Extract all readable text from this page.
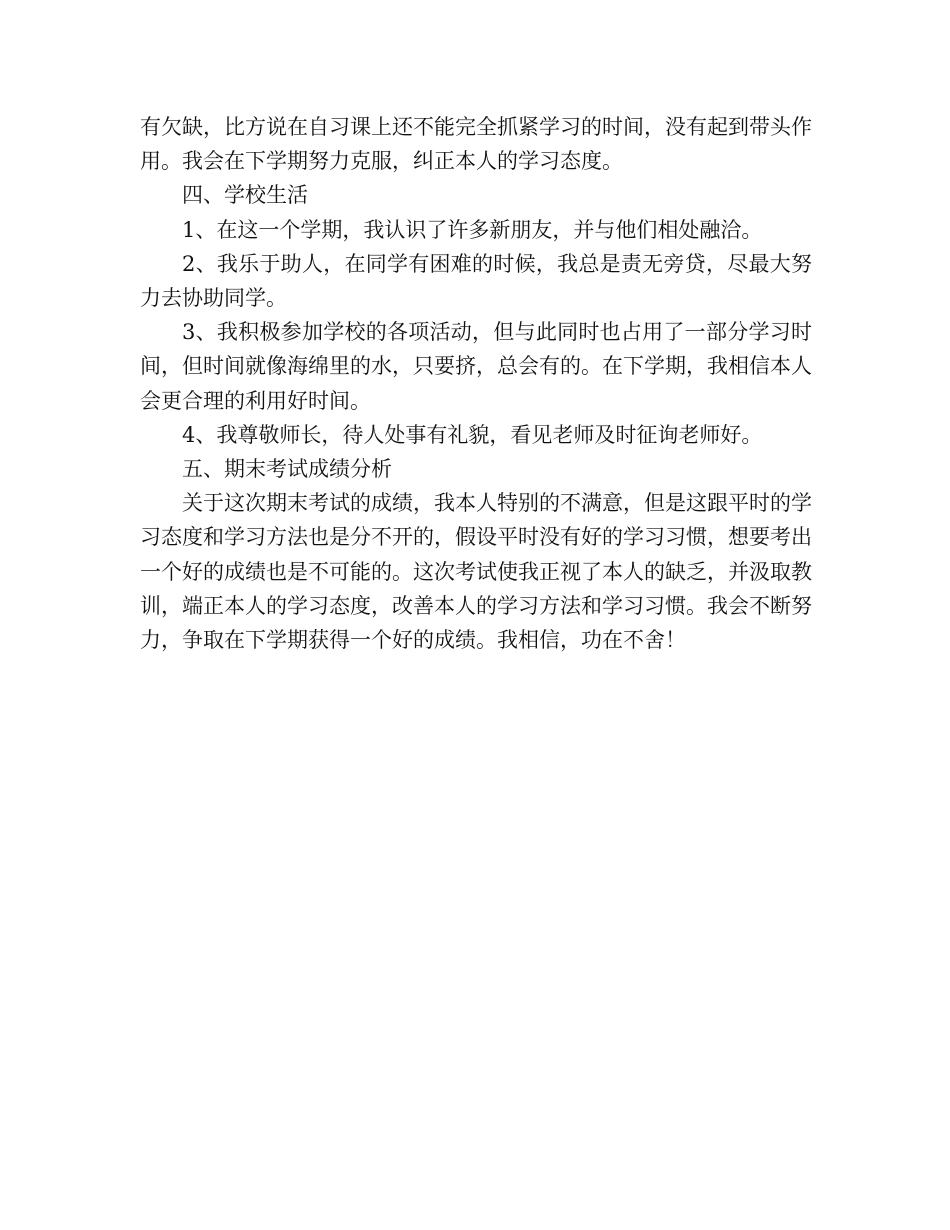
有欠缺，比方说在自习课上还不能完全抓紧学习的时间，没有起到带头作用。我会在下学期努力克服，纠正本人的学习态度。

四、学校生活

1、在这一个学期，我认识了许多新朋友，并与他们相处融洽。

2、我乐于助人，在同学有困难的时候，我总是责无旁贷，尽最大努力去协助同学。

3、我积极参加学校的各项活动，但与此同时也占用了一部分学习时间，但时间就像海绵里的水，只要挤，总会有的。在下学期，我相信本人会更合理的利用好时间。

4、我尊敬师长，待人处事有礼貌，看见老师及时征询老师好。

五、期末考试成绩分析

关于这次期末考试的成绩，我本人特别的不满意，但是这跟平时的学习态度和学习方法也是分不开的，假设平时没有好的学习习惯，想要考出一个好的成绩也是不可能的。这次考试使我正视了本人的缺乏，并汲取教训，端正本人的学习态度，改善本人的学习方法和学习习惯。我会不断努力，争取在下学期获得一个好的成绩。我相信，功在不舍！
